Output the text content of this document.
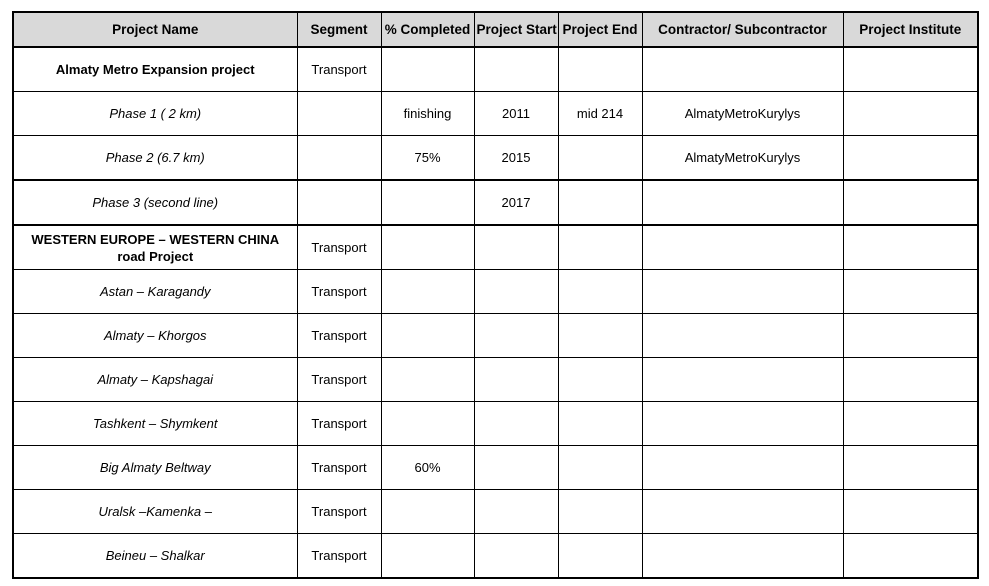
Project Name	Segment	% Completed	Project Start	Project End	Contractor/ Subcontractor	Project Institute
Almaty Metro Expansion project	Transport					
Phase 1 ( 2 km)		finishing	2011	mid 214	AlmatyMetroKurylys	
Phase 2 (6.7 km)		75%	2015		AlmatyMetroKurylys	
Phase 3 (second line)			2017			
WESTERN EUROPE – WESTERN CHINA road Project	Transport					
Astan – Karagandy	Transport					
Almaty – Khorgos	Transport					
Almaty – Kapshagai	Transport					
Tashkent – Shymkent	Transport					
Big Almaty Beltway	Transport	60%				
Uralsk –Kamenka –	Transport					
Beineu – Shalkar	Transport					
